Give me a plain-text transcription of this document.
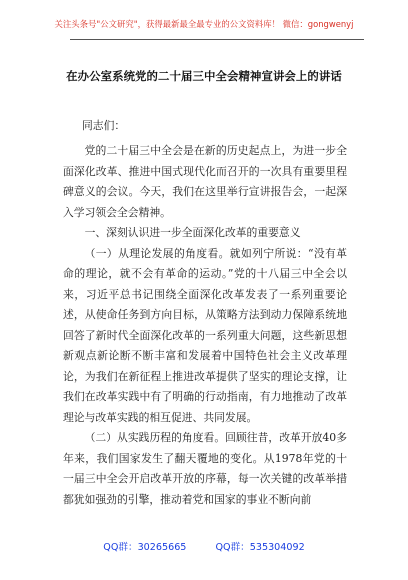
关注头条号"公文研究"，获得最新最全最专业的公文资料库！ 微信：gongwenyj
在办公室系统党的二十届三中全会精神宣讲会上的讲话
同志们：

党的二十届三中全会是在新的历史起点上，为进一步全面深化改革、推进中国式现代化而召开的一次具有重要里程碑意义的会议。今天，我们在这里举行宣讲报告会，一起深入学习领会全会精神。

一、深刻认识进一步全面深化改革的重要意义

（一）从理论发展的角度看。就如列宁所说：“没有革命的理论，就不会有革命的运动。”党的十八届三中全会以来，习近平总书记围绕全面深化改革发表了一系列重要论述，从使命任务到方向目标，从策略方法到动力保障系统地回答了新时代全面深化改革的一系列重大问题，这些新思想新观点新论断不断丰富和发展着中国特色社会主义改革理论，为我们在新征程上推进改革提供了坚实的理论支撑，让我们在改革实践中有了明确的行动指南，有力地推动了改革理论与改革实践的相互促进、共同发展。

（二）从实践历程的角度看。回顾往昔，改革开放40多年来，我们国家发生了翻天覆地的变化。从1978年党的十一届三中全会开启改革开放的序幕，每一次关键的改革举措都犹如强劲的引擎，推动着党和国家的事业不断向前

QQ群：30265665	QQ群：535304092
